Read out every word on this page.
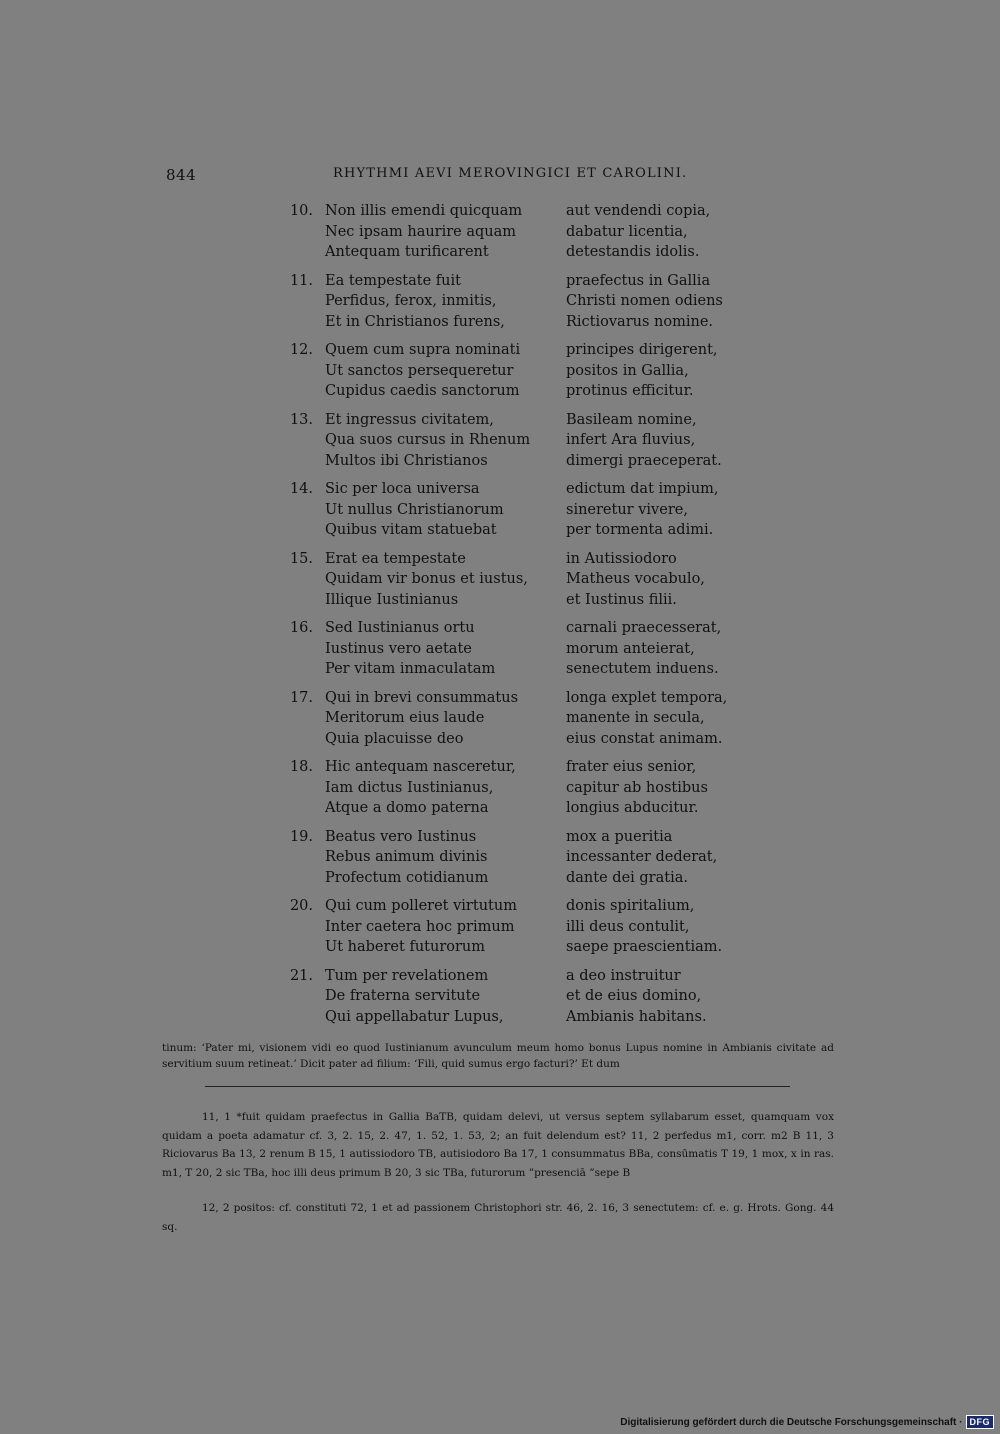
844	RHYTHMI AEVI MEROVINGICI ET CAROLINI.
10. Non illis emendi quicquam
Nec ipsam haurire aquam
Antequam turificarent
aut vendendi copia,
dabatur licentia,
detestandis idolis.
11. Ea tempestate fuit
Perfidus, ferox, inmitis,
Et in Christianos furens,
praefectus in Gallia
Christi nomen odiens
Rictiovarus nomine.
12. Quem cum supra nominati
Ut sanctos persequeretur
Cupidus caedis sanctorum
principes dirigerent,
positos in Gallia,
protinus efficitur.
13. Et ingressus civitatem,
Qua suos cursus in Rhenum
Multos ibi Christianos
Basileam nomine,
infert Ara fluvius,
dimergi praeceperat.
14. Sic per loca universa
Ut nullus Christianorum
Quibus vitam statuebat
edictum dat impium,
sineretur vivere,
per tormenta adimi.
15. Erat ea tempestate
Quidam vir bonus et iustus,
Illique Iustinianus
in Autissiodoro
Matheus vocabulo,
et Iustinus filii.
16. Sed Iustinianus ortu
Iustinus vero aetate
Per vitam inmaculatam
carnali praecesserat,
morum anteierat,
senectutem induens.
17. Qui in brevi consummatus
Meritorum eius laude
Quia placuisse deo
longa explet tempora,
manente in secula,
eius constat animam.
18. Hic antequam nasceretur,
Iam dictus Iustinianus,
Atque a domo paterna
frater eius senior,
capitur ab hostibus
longius abducitur.
19. Beatus vero Iustinus
Rebus animum divinis
Profectum cotidianum
mox a pueritia
incessanter dederat,
dante dei gratia.
20. Qui cum polleret virtutum
Inter caetera hoc primum
Ut haberet futurorum
donis spiritalium,
illi deus contulit,
saepe praescientiam.
21. Tum per revelationem
De fraterna servitute
Qui appellabatur Lupus,
a deo instruitur
et de eius domino,
Ambianis habitans.
tinum: ‘Pater mi, visionem vidi eo quod Iustinianum avunculum meum homo bonus Lupus nomine in Ambianis civitate ad servitium suum retineat.’ Dicit pater ad filium: ‘Fili, quid sumus ergo facturi?’ Et dum

11, 1 *fuit quidam praefectus in Gallia BaTB, quidam delevi, ut versus septem syllabarum esset, quamquam vox quidam a poeta adamatur cf. 3, 2. 15, 2. 47, 1. 52, 1. 53, 2; an fuit delendum est? 11, 2 perfedus m1, corr. m2 B 11, 3 Riciovarus Ba 13, 2 renum B 15, 1 autissiodoro TB, autisiodoro Ba 17, 1 consummatus BBa, consūmatis T 19, 1 mox, x in ras. m1, T 20, 2 sic TBa, hoc illi deus primum B 20, 3 sic TBa, futurorum ”presenciā ”sepe B

12, 2 positos: cf. constituti 72, 1 et ad passionem Christophori str. 46, 2. 16, 3 senectutem: cf. e. g. Hrots. Gong. 44 sq.

Digitalisierung gefördert durch die Deutsche Forschungsgemeinschaft · DFG
